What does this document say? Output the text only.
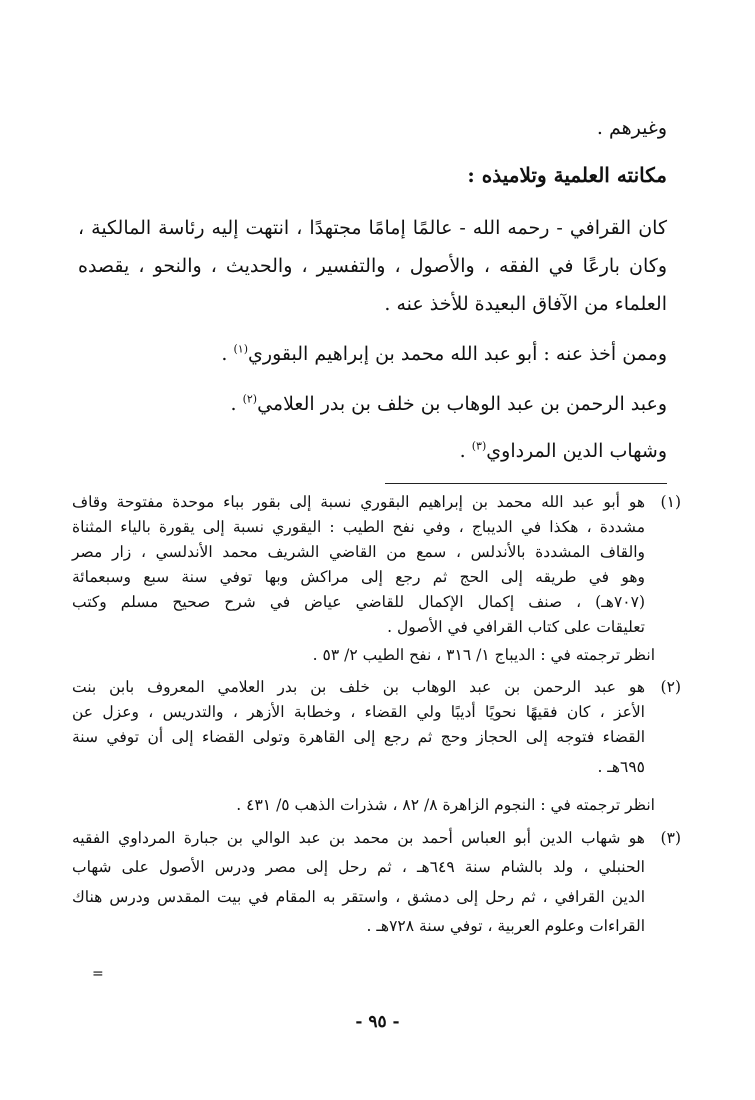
وغيرهم .
مكانته العلمية وتلاميذه :
كان القرافي - رحمه الله - عالمًا إمامًا مجتهدًا ، انتهت إليه رئاسة المالكية ،
وكان بارعًا في الفقه ، والأصول ، والتفسير ، والحديث ، والنحو ، يقصده
العلماء من الآفاق البعيدة للأخذ عنه .
وممن أخذ عنه : أبو عبد الله محمد بن إبراهيم البقوري$^{(١)}$ .
وعبد الرحمن بن عبد الوهاب بن خلف بن بدر العلامي$^{(٢)}$ .
وشهاب الدين المرداوي$^{(٣)}$ .
(١)
هو أبو عبد الله محمد بن إبراهيم البقوري نسبة إلى بقور بباء موحدة مفتوحة وقاف
مشددة ، هكذا في الديباج ، وفي نفح الطيب : اليقوري نسبة إلى يقورة بالياء المثناة
والقاف المشددة بالأندلس ، سمع من القاضي الشريف محمد الأندلسي ، زار مصر
وهو في طريقه إلى الحج ثم رجع إلى مراكش وبها توفي سنة سبع وسبعمائة
(٧٠٧هـ) ، صنف إكمال الإكمال للقاضي عياض في شرح صحيح مسلم وكتب
تعليقات على كتاب القرافي في الأصول .
انظر ترجمته في : الديباج ١/ ٣١٦ ، نفح الطيب ٢/ ٥٣ .
(٢)
هو عبد الرحمن بن عبد الوهاب بن خلف بن بدر العلامي المعروف بابن بنت
الأعز ، كان فقيهًا نحويًا أديبًا ولي القضاء ، وخطابة الأزهر ، والتدريس ، وعزل عن
القضاء فتوجه إلى الحجاز وحج ثم رجع إلى القاهرة وتولى القضاء إلى أن توفي سنة
٦٩٥هـ .
انظر ترجمته في : النجوم الزاهرة ٨/ ٨٢ ، شذرات الذهب ٥/ ٤٣١ .
(٣)
هو شهاب الدين أبو العباس أحمد بن محمد بن عبد الوالي بن جبارة المرداوي الفقيه
الحنبلي ، ولد بالشام سنة ٦٤٩هـ ، ثم رحل إلى مصر ودرس الأصول على شهاب
الدين القرافي ، ثم رحل إلى دمشق ، واستقر به المقام في بيت المقدس ودرس هناك
القراءات وعلوم العربية ، توفي سنة ٧٢٨هـ .
=
- ٩٥ -
